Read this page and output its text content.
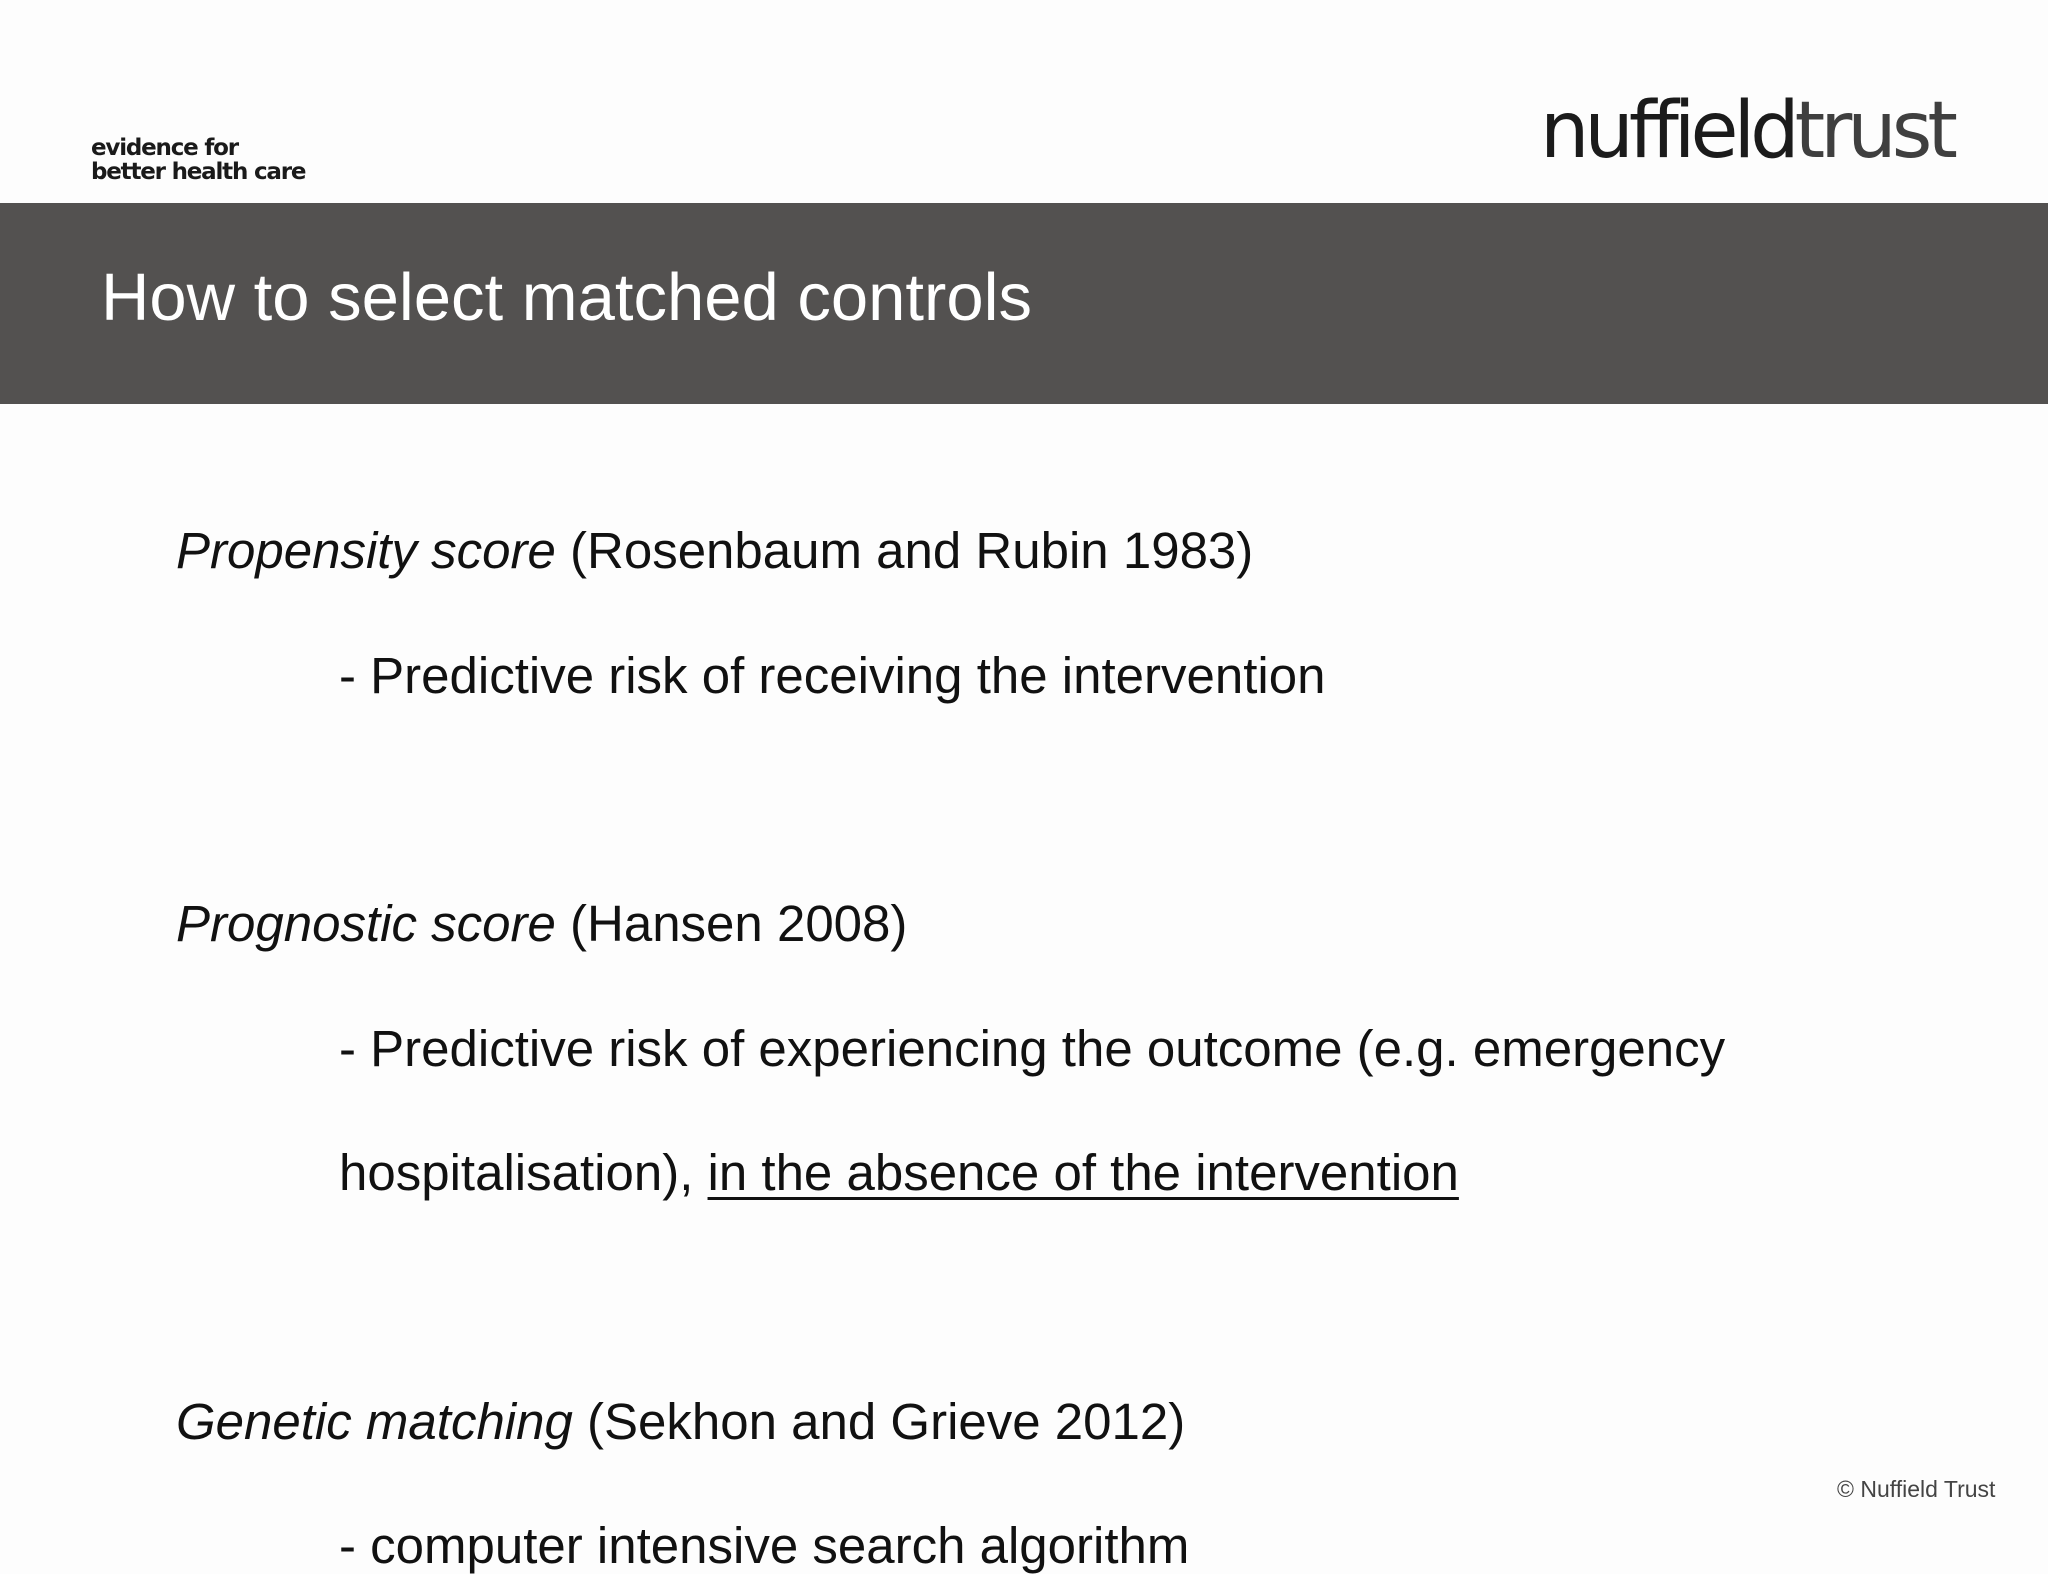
evidence for
better health care	nuffieldtrust
How to select matched controls
Propensity score (Rosenbaum and Rubin 1983)
- Predictive risk of receiving the intervention
Prognostic score (Hansen 2008)
- Predictive risk of experiencing the outcome (e.g. emergency
hospitalisation), in the absence of the intervention
Genetic matching (Sekhon and Grieve 2012)
- computer intensive search algorithm
© Nuffield Trust
